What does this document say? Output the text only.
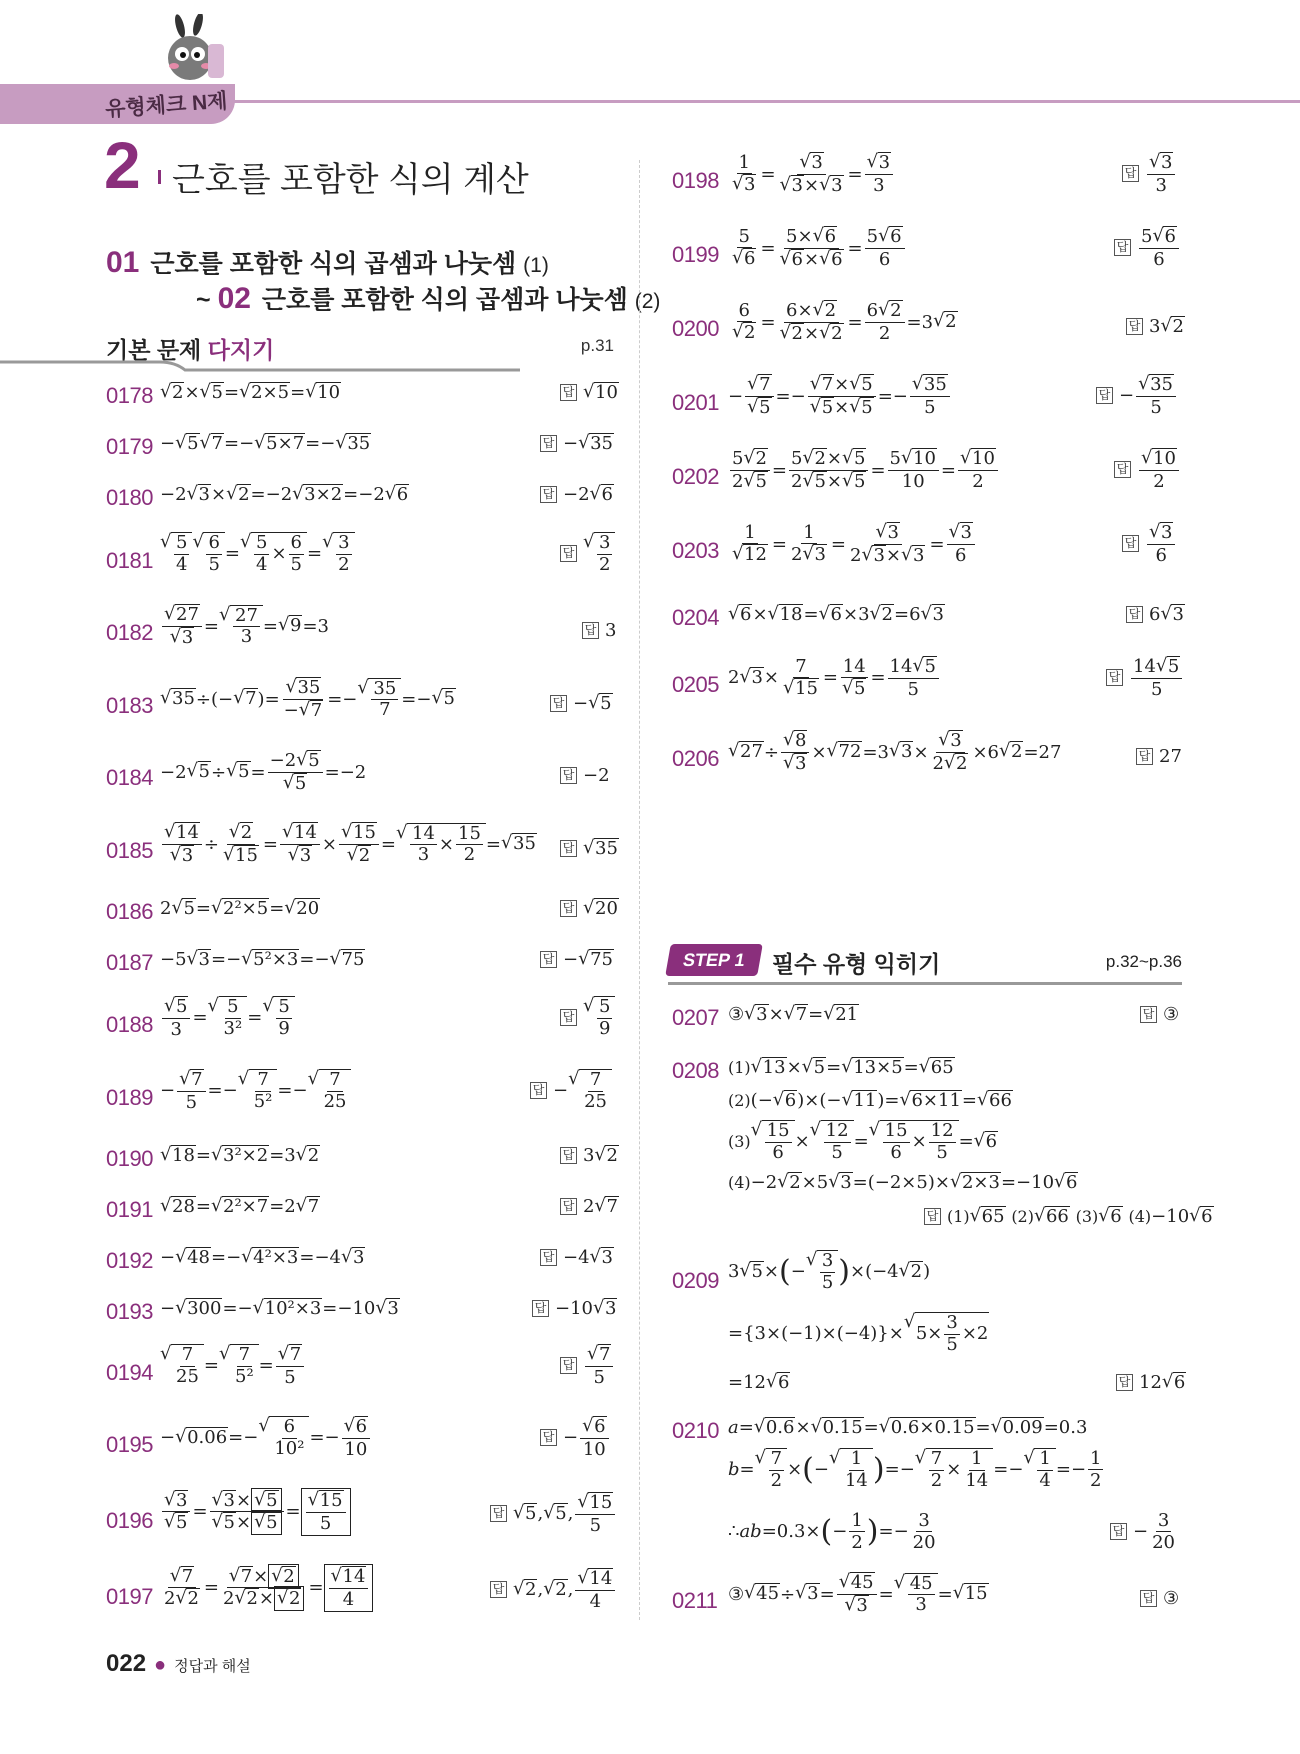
유형체크 N제
2 근호를 포함한 식의 계산
01 근호를 포함한 식의 곱셈과 나눗셈 (1)
~ 02 근호를 포함한 식의 곱셈과 나눗셈 (2)
기본 문제 다지기	p.31
0178	√ 2 × √ 5 = √ 2×5 = √ 10	답	√ 10
0179 − √ 5 √ 7 =− √ 5×7 =− √ 35	답 − √ 35
0180 −2 √ 3 × √ 2 =−2 √ 3×2 =−2 √ 6	답 −2 √ 6
0181 √ $\frac{5}{4}$ √ $\frac{6}{5}$ = √ $\frac{5}{4} \times \frac{6}{5}$ = √ $\frac{3}{2}$	답 √ $\frac{3}{2}$
0182
√ 27
√ 3
= √ $\frac{27}{3}$ = √ 9 =3	답 3
0183	√ 35 ÷(− √ 7 )=
√ 35
− √ 7
=− √ $\frac{35}{7}$ =− √ 5	답 − √ 5
0184 −2 √ 5 ÷ √ 5 =
−2 √ 5
√ 5
=−2	답 −2
0185
√ 14
√ 3
÷
√ 2
√ 15
=
√ 14
√ 3
×
√ 15
√ 2
= √ $\frac{14}{3} \times \frac{15}{2}$ = √ 35 답	√ 35
0186 2 √ 5 = √ 2²×5 = √ 20	답	√ 20
0187 −5 √ 3 =− √ 5²×3 =− √ 75	답 − √ 75
0188
√ 5
3
= √ $\frac{5}{\text{3²}}$ = √ $\frac{5}{9}$	답 √ $\frac{5}{9}$
0189 −
√ 7
5
=− √ $\frac{7}{\text{5²}}$ =− √ $\frac{7}{25}$	답 − √ $\frac{7}{25}$
0190	√ 18 = √ 3²×2 =3 √ 2	답 3 √ 2
0191	√ 28 = √ 2²×7 =2 √ 7	답 2 √ 7
0192 − √ 48 =− √ 4²×3 =−4 √ 3	답 −4 √ 3
0193 − √ 300 =− √ 10²×3 =−10 √ 3	답 −10 √ 3
0194 √ $\frac{7}{25}$ = √ $\frac{7}{\text{5²}}$ =
√ 7
5
답
√ 7
5
0195 − √ 0.06 =− √ $\frac{6}{\text{10²}}$ =−
√ 6
10
답 −
√ 6
10
0196
√ 3
√ 5
=
√ 3× √ 5
√ 5× √ 5
= √ $\frac{15}{5}$	답	√ 5 , √ 5 ,
√ 15
5
0197
√ 7
2 √ 2
=
√ 7× √ 2
2 √ 2× √ 2
= √ $\frac{14}{4}$	답	√ 2 , √ 2 ,
√ 14
4
0198
1
√ 3
=
√ 3
√ 3× √ 3
=
√ 3
3
답
√ 3
3
0199
5
√ 6
=
5× √ 6
√ 6× √ 6
=
5 √ 6
6
답
5 √ 6
6
0200
6
√ 2
=
6× √ 2
√ 2× √ 2
=
6 √ 2
2
=3 √ 2	답 3 √ 2
0201 −
√ 7
√ 5
=−
√ 7× √ 5
√ 5× √ 5
=−
√ 35
5
답 −
√ 35
5
0202
5 √ 2
2 √ 5
=
5 √ 2× √ 5
2 √ 5× √ 5
=
5 √ 10
10
=
√ 10
2
답
√ 10
2
0203
1
√ 12
=
1
2 √ 3
=
√ 3
2 √ 3× √ 3
=
√ 3
6
답
√ 3
6
0204	√ 6 × √ 18 = √ 6 ×3 √ 2 =6 √ 3	답 6 √ 3
0205 2 √ 3 ×
7
√ 15
=
14
√ 5
=
14 √ 5
5
답
14 √ 5
5
0206	√ 27 ÷
√ 8
√ 3
× √ 72 =3 √ 3 ×
√ 3
2 √ 2
×6 √ 2 =27	답 27
STEP 1	필수 유형 익히기	p.32~p.36
0207 ③ √ 3 × √ 7 = √ 21	답 ③
0208 (1) √ 13 × √ 5 = √ 13×5 = √ 65
(2) (− √ 6 )×(− √ 11 )= √ 6×11 = √ 66
(3) √ $\frac{15}{6}$ × √ $\frac{12}{5}$ = √ $\frac{15}{6} \times \frac{12}{5}$ = √ 6
(4) −2 √ 2 ×5 √ 3 =(−2×5)× √ 2×3 =−10 √ 6
답 (1) √ 65
(2) √ 66
(3) √ 6
(4) −10 √ 6
0209 3 √ 5 × ( − √ $\frac{3}{5}$ ) ×(−4 √ 2 )
={3×(−1)×(−4)}× √ $5\times \frac{3}{5} \times 2$
=12 √ 6	답 12 √ 6
0210 a = √ 0.6 × √ 0.15 = √ 0.6×0.15 = √ 0.09 =0.3
b = √ $\frac{7}{2}$ × ( − √ $\frac{1}{14}$ ) =− √ $\frac{7}{2} \times \frac{1}{14}$ =− √ $\frac{1}{4}$ =−
1
2
∴ ab =0.3× ( −
1
2 ) =−
3
20
답 −
3
20
0211 ③ √ 45 ÷ √ 3 =
√ 45
√ 3
= √ $\frac{45}{3}$ = √ 15	답 ③
022 ● 정답과 해설
